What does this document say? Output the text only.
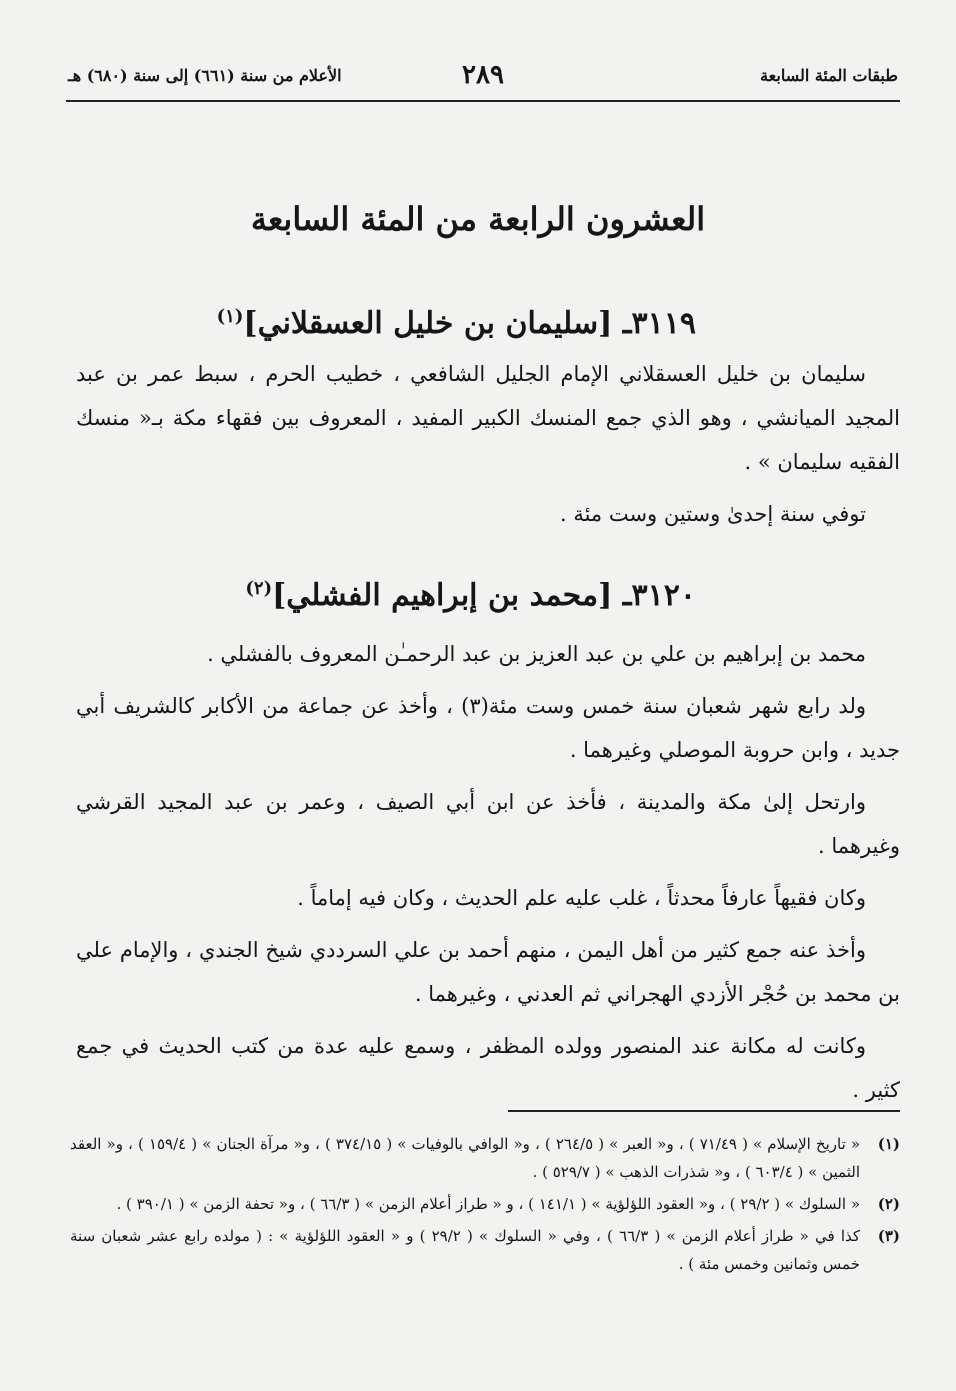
طبقات المئة السابعة
٢٨٩
الأعلام من سنة (٦٦١) إلى سنة (٦٨٠) هـ
العشرون الرابعة من المئة السابعة
٣١١٩ـ [سليمان بن خليل العسقلاني]$^{(١)}$

سليمان بن خليل العسقلاني الإمام الجليل الشافعي ، خطيب الحرم ، سبط عمر بن عبد المجيد الميانشي ، وهو الذي جمع المنسك الكبير المفيد ، المعروف بين فقهاء مكة بـ« منسك الفقيه سليمان » .

توفي سنة إحدىٰ وستين وست مئة .

٣١٢٠ـ [محمد بن إبراهيم الفشلي]$^{(٢)}$

محمد بن إبراهيم بن علي بن عبد العزيز بن عبد الرحمـٰن المعروف بالفشلي .

ولد رابع شهر شعبان سنة خمس وست مئة(٣) ، وأخذ عن جماعة من الأكابر كالشريف أبي جديد ، وابن حروبة الموصلي وغيرهما .

وارتحل إلىٰ مكة والمدينة ، فأخذ عن ابن أبي الصيف ، وعمر بن عبد المجيد القرشي وغيرهما .

وكان فقيهاً عارفاً محدثاً ، غلب عليه علم الحديث ، وكان فيه إماماً .

وأخذ عنه جمع كثير من أهل اليمن ، منهم أحمد بن علي السرددي شيخ الجندي ، والإمام علي بن محمد بن حُجْر الأزدي الهجراني ثم العدني ، وغيرهما .

وكانت له مكانة عند المنصور وولده المظفر ، وسمع عليه عدة من كتب الحديث في جمع كثير .

(١)
« تاريخ الإسلام » ( ٧١/٤٩ ) ، و« العبر » ( ٢٦٤/٥ ) ، و« الوافي بالوفيات » ( ٣٧٤/١٥ ) ، و« مرآة الجنان » ( ١٥٩/٤ ) ، و« العقد الثمين » ( ٦٠٣/٤ ) ، و« شذرات الذهب » ( ٥٢٩/٧ ) .
(٢)
« السلوك » ( ٢٩/٢ ) ، و« العقود اللؤلؤية » ( ١٤١/١ ) ، و « طراز أعلام الزمن » ( ٦٦/٣ ) ، و« تحفة الزمن » ( ٣٩٠/١ ) .
(٣)
كذا في « طراز أعلام الزمن » ( ٦٦/٣ ) ، وفي « السلوك » ( ٢٩/٢ ) و « العقود اللؤلؤية » : ( مولده رابع عشر شعبان سنة خمس وثمانين وخمس مئة ) .
